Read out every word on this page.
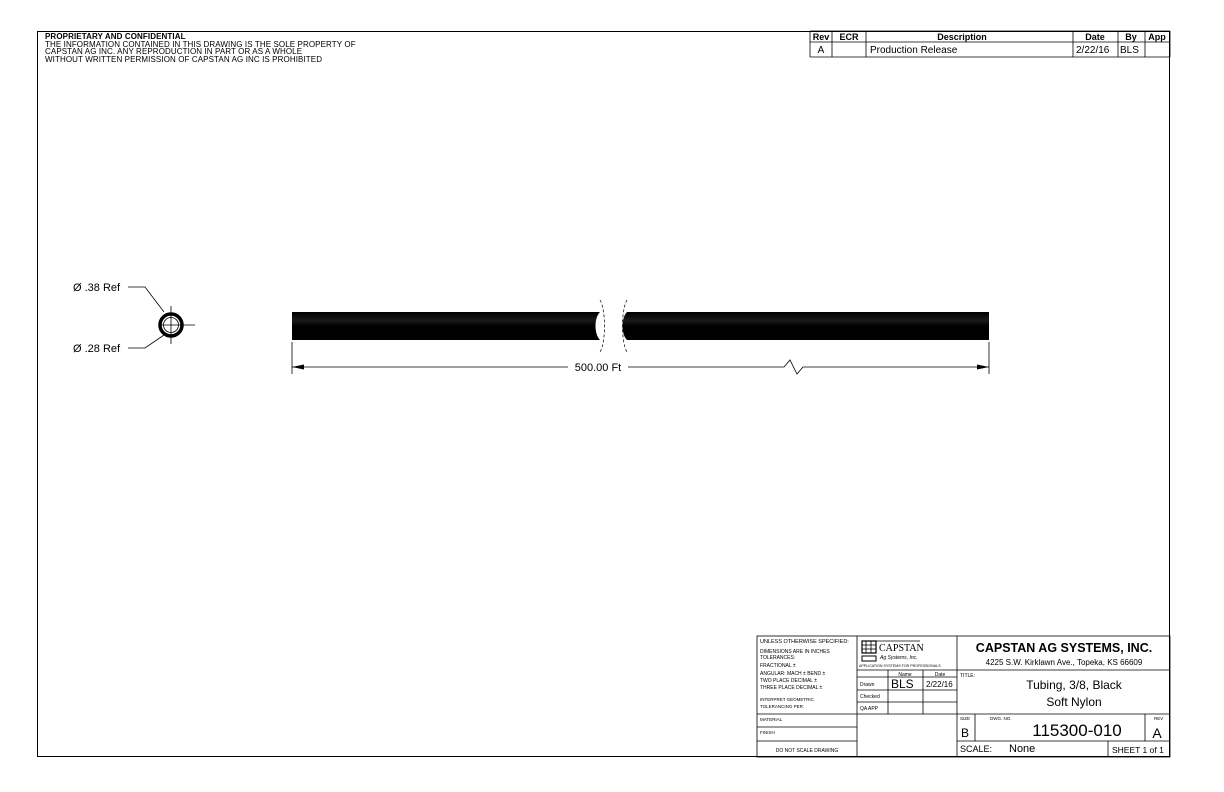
PROPRIETARY AND CONFIDENTIAL
THE INFORMATION CONTAINED IN THIS DRAWING IS THE SOLE PROPERTY OF
CAPSTAN AG INC. ANY REPRODUCTION IN PART OR AS A WHOLE
WITHOUT WRITTEN PERMISSION OF CAPSTAN AG INC IS PROHIBITED
Rev ECR	Description	Date By App
A	Production Release	2/22/16 BLS
Ø .38 Ref
Ø .28 Ref
500.00 Ft
UNLESS OTHERWISE SPECIFIED:
DIMENSIONS ARE IN INCHES
TOLERANCES:
FRACTIONAL ±
ANGULAR: MACH ± BEND ±
TWO PLACE DECIMAL ±
THREE PLACE DECIMAL ±
INTERPRET GEOMETRIC
TOLERANCING PER:
MATERIAL
FINISH
DO NOT SCALE DRAWING
CAPSTAN
Ag Systems, Inc.
APPLICATION SYSTEMS FOR PROFESSIONALS
Name	Date
Drawn BLS 2/22/16
Checked
QA APP
CAPSTAN AG SYSTEMS, INC.
4225 S.W. Kirklawn Ave., Topeka, KS 66609
TITLE:
Tubing, 3/8, Black
Soft Nylon
SIZE
B
DWG. NO.
115300-010
REV
A
SCALE: None	SHEET 1 of 1
